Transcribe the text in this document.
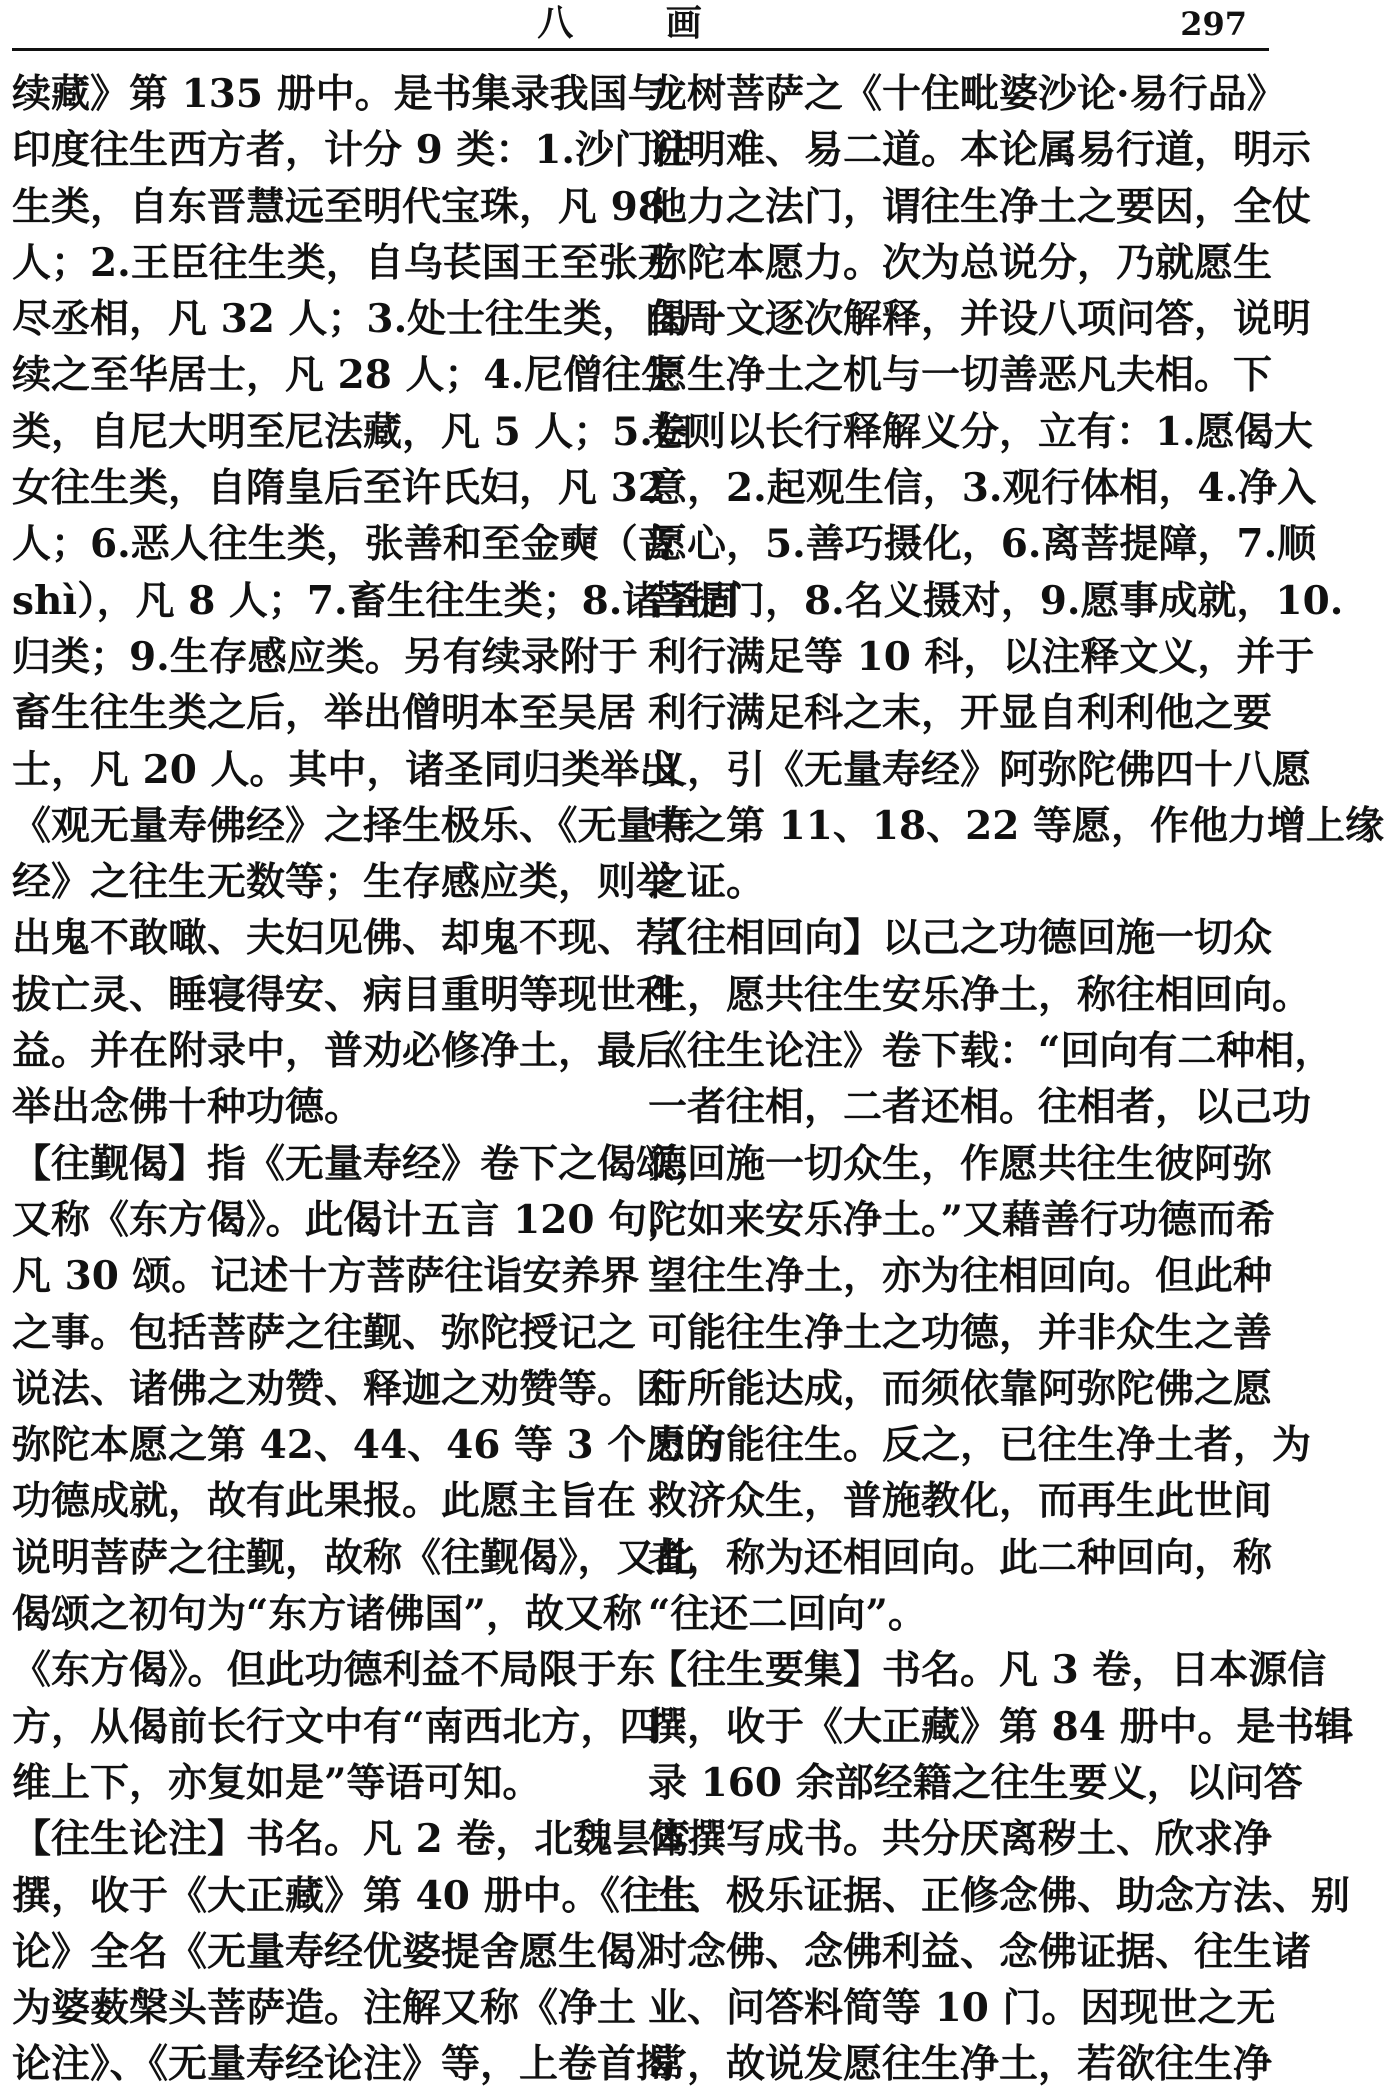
八 画	297
续藏》第 135 册中。是书集录我国与
印度往生西方者，计分 9 类：1.沙门往
生类，自东晋慧远至明代宝珠，凡 98
人；2.王臣往生类，自乌苌国王至张无
尽丞相，凡 32 人；3.处士往生类，自周
续之至华居士，凡 28 人；4.尼僧往生
类，自尼大明至尼法藏，凡 5 人；5.妇
女往生类，自隋皇后至许氏妇，凡 32
人；6.恶人往生类，张善和至金奭（音
shì），凡 8 人；7.畜生往生类；8.诸圣同
归类；9.生存感应类。另有续录附于
畜生往生类之后，举出僧明本至吴居
士，凡 20 人。其中，诸圣同归类举出
《观无量寿佛经》之择生极乐、《无量寿
经》之往生无数等；生存感应类，则举
出鬼不敢噉、夫妇见佛、却鬼不现、荐
拔亡灵、睡寝得安、病目重明等现世利
益。并在附录中，普劝必修净土，最后
举出念佛十种功德。
【往觐偈】指《无量寿经》卷下之偈颂，
又称《东方偈》。此偈计五言 120 句，
凡 30 颂。记述十方菩萨往诣安养界
之事。包括菩萨之往觐、弥陀授记之
说法、诸佛之劝赞、释迦之劝赞等。因
弥陀本愿之第 42、44、46 等 3 个愿的
功德成就，故有此果报。此愿主旨在
说明菩萨之往觐，故称《往觐偈》，又此
偈颂之初句为“东方诸佛国”，故又称
《东方偈》。但此功德利益不局限于东
方，从偈前长行文中有“南西北方，四
维上下，亦复如是”等语可知。
【往生论注】书名。凡 2 卷，北魏昙鸾
撰，收于《大正藏》第 40 册中。《往生
论》全名《无量寿经优婆提舍愿生偈》
为婆薮槃头菩萨造。注解又称《净土
论注》、《无量寿经论注》等，上卷首揭
龙树菩萨之《十住毗婆沙论·易行品》
说明难、易二道。本论属易行道，明示
他力之法门，谓往生净土之要因，全仗
弥陀本愿力。次为总说分，乃就愿生
偈一文逐次解释，并设八项问答，说明
愿生净土之机与一切善恶凡夫相。下
卷则以长行释解义分，立有：1.愿偈大
意，2.起观生信，3.观行体相，4.净入
愿心，5.善巧摄化，6.离菩提障，7.顺
菩提门，8.名义摄对，9.愿事成就，10.
利行满足等 10 科，以注释文义，并于
利行满足科之末，开显自利利他之要
义，引《无量寿经》阿弥陀佛四十八愿
中之第 11、18、22 等愿，作他力增上缘
之证。
【往相回向】以己之功德回施一切众
生，愿共往生安乐净土，称往相回向。
《往生论注》卷下载：“回向有二种相，
一者往相，二者还相。往相者，以己功
德回施一切众生，作愿共往生彼阿弥
陀如来安乐净土。”又藉善行功德而希
望往生净土，亦为往相回向。但此种
可能往生净土之功德，并非众生之善
行所能达成，而须依靠阿弥陀佛之愿
力方能往生。反之，已往生净土者，为
救济众生，普施教化，而再生此世间
者，称为还相回向。此二种回向，称
“往还二回向”。
【往生要集】书名。凡 3 卷，日本源信
撰，收于《大正藏》第 84 册中。是书辑
录 160 余部经籍之往生要义，以问答
体撰写成书。共分厌离秽土、欣求净
土、极乐证据、正修念佛、助念方法、别
时念佛、念佛利益、念佛证据、往生诸
业、问答料简等 10 门。因现世之无
常，故说发愿往生净土，若欲往生净
